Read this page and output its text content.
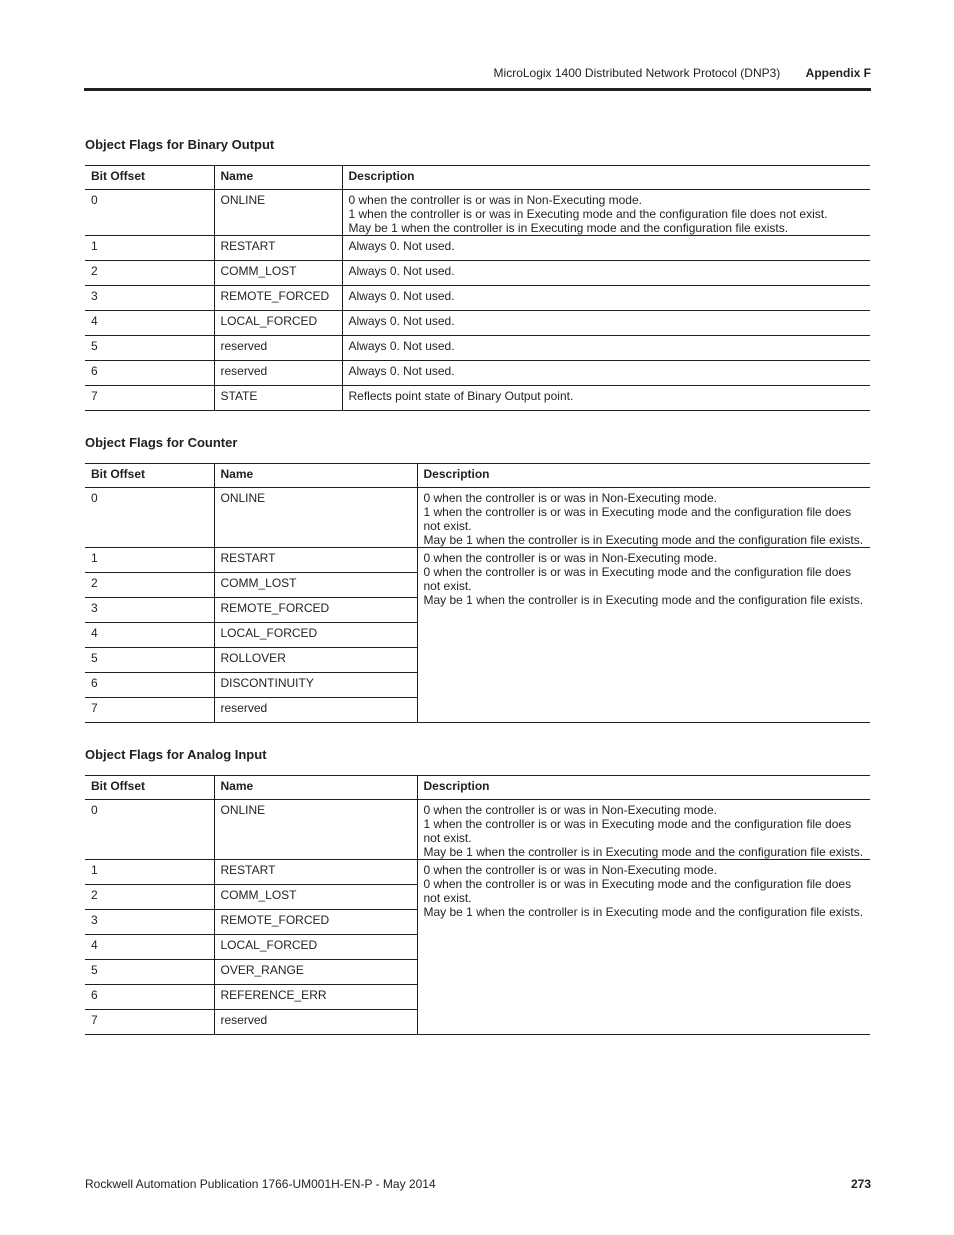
MicroLogix 1400 Distributed Network Protocol (DNP3) Appendix F
Object Flags for Binary Output
Bit Offset	Name	Description
0	ONLINE	0 when the controller is or was in Non-Executing mode.
1 when the controller is or was in Executing mode and the configuration file does not exist.
May be 1 when the controller is in Executing mode and the configuration file exists.

1	RESTART	Always 0. Not used.

2	COMM_LOST	Always 0. Not used.

3	REMOTE_FORCED	Always 0. Not used.

4	LOCAL_FORCED	Always 0. Not used.

5	reserved	Always 0. Not used.

6	reserved	Always 0. Not used.

7	STATE	Reflects point state of Binary Output point.
Object Flags for Counter
Bit Offset	Name	Description
0	ONLINE	0 when the controller is or was in Non-Executing mode.
1 when the controller is or was in Executing mode and the configuration file does not exist.
May be 1 when the controller is in Executing mode and the configuration file exists.

1	RESTART	0 when the controller is or was in Non-Executing mode.
0 when the controller is or was in Executing mode and the configuration file does not exist.
May be 1 when the controller is in Executing mode and the configuration file exists.

2	COMM_LOST	
3	REMOTE_FORCED	
4	LOCAL_FORCED	
5	ROLLOVER	
6	DISCONTINUITY	
7	reserved	
Object Flags for Analog Input
Bit Offset	Name	Description
0	ONLINE	0 when the controller is or was in Non-Executing mode.
1 when the controller is or was in Executing mode and the configuration file does not exist.
May be 1 when the controller is in Executing mode and the configuration file exists.

1	RESTART	0 when the controller is or was in Non-Executing mode.
0 when the controller is or was in Executing mode and the configuration file does not exist.
May be 1 when the controller is in Executing mode and the configuration file exists.

2	COMM_LOST	
3	REMOTE_FORCED	
4	LOCAL_FORCED	
5	OVER_RANGE	
6	REFERENCE_ERR	
7	reserved	
Rockwell Automation Publication 1766-UM001H-EN-P - May 2014	273
